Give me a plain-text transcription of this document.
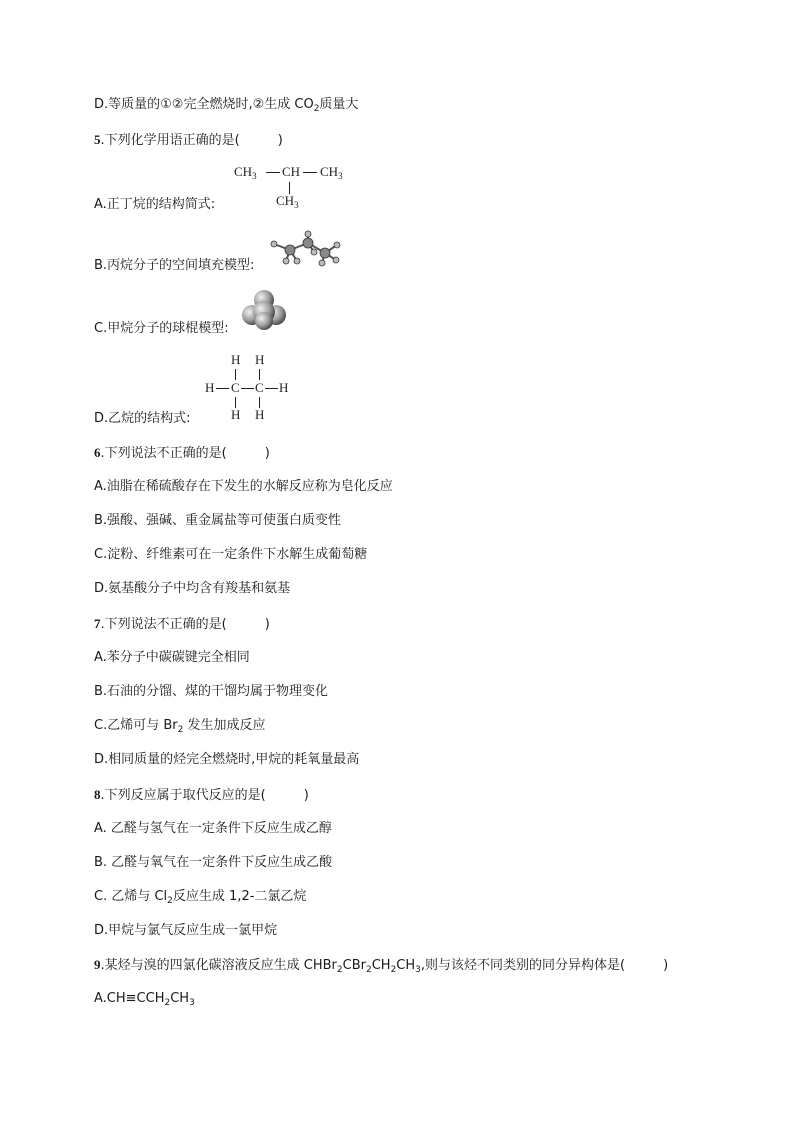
D.等质量的①②完全燃烧时,②生成 $CO_2$质量大
5.下列化学用语正确的是(	)
$CH_3$ CH $CH_3$
$CH_3$
A.正丁烷的结构简式:
B.丙烷分子的空间填充模型:
C.甲烷分子的球棍模型:
H H
H C C H
H H
D.乙烷的结构式:
6.下列说法不正确的是(	)
A.油脂在稀硫酸存在下发生的水解反应称为皂化反应
B.强酸、强碱、重金属盐等可使蛋白质变性
C.淀粉、纤维素可在一定条件下水解生成葡萄糖
D.氨基酸分子中均含有羧基和氨基
7.下列说法不正确的是(	)
A.苯分子中碳碳键完全相同
B.石油的分馏、煤的干馏均属于物理变化
C.乙烯可与 $Br_2$ 发生加成反应
D.相同质量的烃完全燃烧时,甲烷的耗氧量最高
8.下列反应属于取代反应的是(	)
A. 乙醛与氢气在一定条件下反应生成乙醇
B. 乙醛与氧气在一定条件下反应生成乙酸
C. 乙烯与 $Cl_2$反应生成 1,2-二氯乙烷
D.甲烷与氯气反应生成一氯甲烷
9.某烃与溴的四氯化碳溶液反应生成 $CHBr_2CBr_2CH_2CH_3$,则与该烃不同类别的同分异构体是(	)
$A.CH\equiv CCH_2CH_3$
